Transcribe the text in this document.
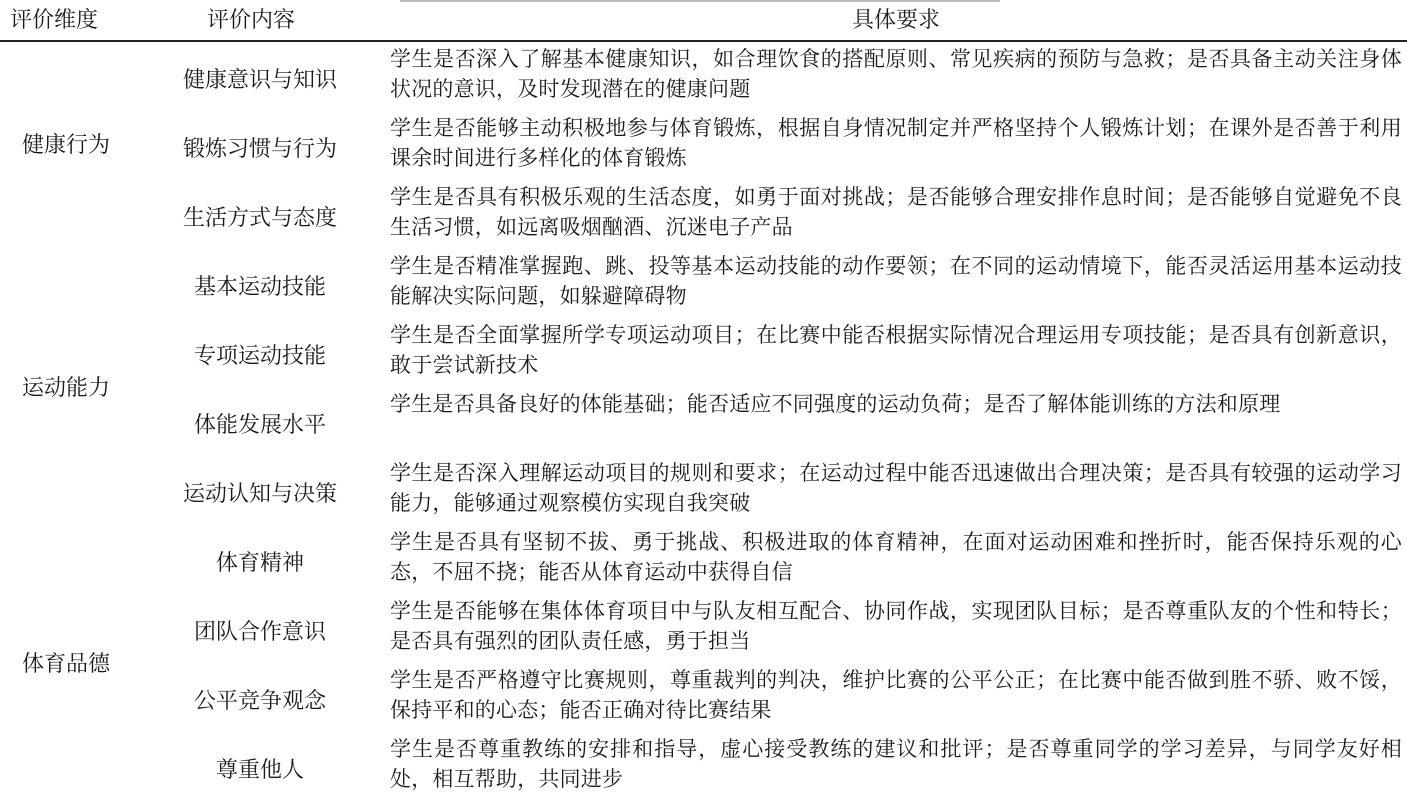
评价维度	评价内容	具体要求
健康行为
运动能力
体育品德
健康意识与知识
学生是否深入了解基本健康知识，如合理饮食的搭配原则、常见疾病的预防与急救；是否具备主动关注身体状况的意识，及时发现潜在的健康问题
锻炼习惯与行为
学生是否能够主动积极地参与体育锻炼，根据自身情况制定并严格坚持个人锻炼计划；在课外是否善于利用课余时间进行多样化的体育锻炼
生活方式与态度
学生是否具有积极乐观的生活态度，如勇于面对挑战；是否能够合理安排作息时间；是否能够自觉避免不良生活习惯，如远离吸烟酗酒、沉迷电子产品
基本运动技能
学生是否精准掌握跑、跳、投等基本运动技能的动作要领；在不同的运动情境下，能否灵活运用基本运动技能解决实际问题，如躲避障碍物
专项运动技能
学生是否全面掌握所学专项运动项目；在比赛中能否根据实际情况合理运用专项技能；是否具有创新意识，敢于尝试新技术
体能发展水平
学生是否具备良好的体能基础；能否适应不同强度的运动负荷；是否了解体能训练的方法和原理
运动认知与决策
学生是否深入理解运动项目的规则和要求；在运动过程中能否迅速做出合理决策；是否具有较强的运动学习能力，能够通过观察模仿实现自我突破
体育精神
学生是否具有坚韧不拔、勇于挑战、积极进取的体育精神，在面对运动困难和挫折时，能否保持乐观的心态，不屈不挠；能否从体育运动中获得自信
团队合作意识
学生是否能够在集体体育项目中与队友相互配合、协同作战，实现团队目标；是否尊重队友的个性和特长；是否具有强烈的团队责任感，勇于担当
公平竞争观念
学生是否严格遵守比赛规则，尊重裁判的判决，维护比赛的公平公正；在比赛中能否做到胜不骄、败不馁，保持平和的心态；能否正确对待比赛结果
尊重他人
学生是否尊重教练的安排和指导，虚心接受教练的建议和批评；是否尊重同学的学习差异，与同学友好相处，相互帮助，共同进步
